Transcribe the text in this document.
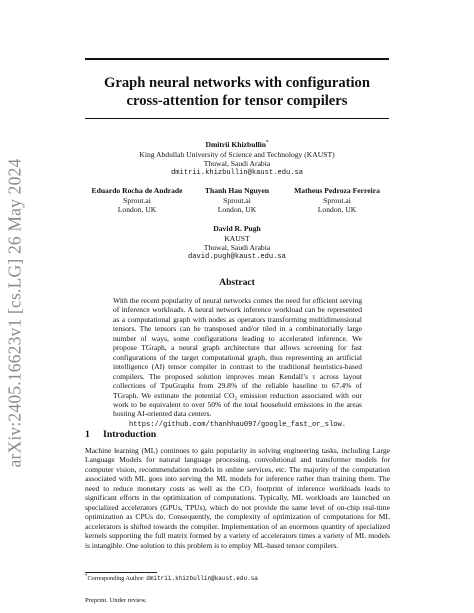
arXiv:2405.16623v1 [cs.LG] 26 May 2024
Graph neural networks with configuration
cross-attention for tensor compilers
Dmitrii Khizbullin*
King Abdullah University of Science and Technology (KAUST)
Thuwal, Saudi Arabia
dmitrii.khizbullin@kaust.edu.sa
Eduardo Rocha de Andrade
Sprout.ai
London, UK
Thanh Hau Nguyen
Sprout.ai
London, UK
Matheus Pedroza Ferreira
Sprout.ai
London, UK
David R. Pugh
KAUST
Thuwal, Saudi Arabia
david.pugh@kaust.edu.sa
Abstract
With the recent popularity of neural networks comes the need for efficient serving of inference workloads. A neural network inference workload can be represented as a computational graph with nodes as operators transforming multidimensional tensors. The tensors can be transposed and/or tiled in a combinatorially large number of ways, some configurations leading to accelerated inference. We propose TGraph, a neural graph architecture that allows screening for fast configurations of the target computational graph, thus representing an artificial intelligence (AI) tensor compiler in contrast to the traditional heuristics-based compilers. The proposed solution improves mean Kendall’s τ across layout collections of TpuGraphs from 29.8% of the reliable baseline to 67.4% of TGraph. We estimate the potential CO₂ emission reduction associated with our work to be equivalent to over 50% of the total household emissions in the areas hosting AI-oriented data centers.
https://github.com/thanhhau097/google_fast_or_slow.
1 Introduction
Machine learning (ML) continues to gain popularity in solving engineering tasks, including Large Language Models for natural language processing, convolutional and transformer models for computer vision, recommendation models in online services, etc. The majority of the computation associated with ML goes into serving the ML models for inference rather than training them. The need to reduce monetary costs as well as the CO₂ footprint of inference workloads leads to significant efforts in the optimization of computations. Typically, ML workloads are launched on specialized accelerators (GPUs, TPUs), which do not provide the same level of on-chip real-time optimization as CPUs do. Consequently, the complexity of optimization of computations for ML accelerators is shifted towards the compiler. Implementation of an enormous quantity of specialized kernels supporting the full matrix formed by a variety of accelerators times a variety of ML models is intangible. One solution to this problem is to employ ML-based tensor compilers.
*Corresponding Author: dmitrii.khizbullin@kaust.edu.sa
Preprint. Under review.
